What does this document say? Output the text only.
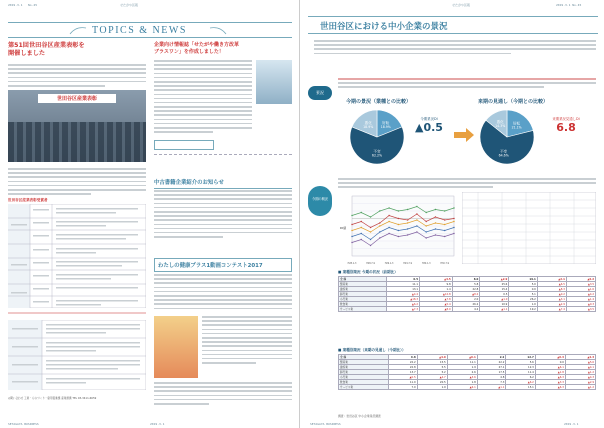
2019.3.1 No.45	せたがや区報
TOPICS & NEWS
第51回世田谷区産業表彰を
開催しました
世田谷区産業表彰
世田谷区産業表彰受賞者
◎問い合わせ 工業・ものづくり・雇用促進課 産業連携 TEL 03-3411-6659
企業向け情報誌「せたがや働き方改革
ブラスワン」を作成しました！
中古書籍企業紹介のお知らせ
わたしの健康プラス1動画コンテスト2017
SETAGAYA BUSINESS	2019.3.1
せたがや区報	2019.3.1 No.45
世田谷区における中小企業の景況
景況
今期の概況
今期の景況（業種との比較）	来期の見通し（今期との比較）
好転
18.9%
不変
62.2%
悪化
18.9%
今期業況DI
▲0.5	好転
21.1%
不変
64.6%
悪化
14.3%
来期業況見通しDI
6.8
H28.1-3	H28.7-9	H29.1-3	H29.7-9	H30.1-3	H30.7-9
DI値
■ 業種別業況 今期の状況（前期比）
全 体	0.5	▲4.5	8.0	▲2.9	19.1	▲2.1	▲6.2
製造業	11.1	9.8	5.8	25.6	5.0	▲6.5	▲3.5
建設業	13.1	1.4	22.8	15.4	0.0	▲8.3	▲1.6
卸売業	▲4.4	▲12.8	▲8.2	0.5	5.1	▲0.2	▲4.2
小売業	▲18.3	▲7.8	2.0	▲1.0	26.2	▲3.1	▲1.4
飲食業	▲6.2	▲5.4	26.2	10.9	1.0	▲2.9	▲0.3
サービス業	▲7.3	▲8.0	4.2	▲1.1	19.2	▲7.4	▲3.5
■ 業種別業況（来期の見通し（今期比））
全 体	6.8	▲4.0	▲6.1	2.2	12.7	▲6.3	▲2.3
製造業	22.2	15.5	11.1	22.2	5.6	0.0	▲5.6
建設業	22.8	5.5	1.9	27.1	12.3	▲6.1	▲4.1
卸売業	13.7	5.2	2.6	17.5	11.4	▲1.8	▲1.2
小売業	▲0.5	▲4.7	▲3.6	4.8	6.2	▲6.3	▲4.3
飲食業	11.0	20.5	1.8	7.3	▲6.2	▲3.3	▲2.9
サービス業	7.0	1.9	▲6.1	▲1.1	15.1	▲6.3	▲1.2
調査：世田谷区 中小企業景況調査
SETAGAYA BUSINESS	2019.3.1
